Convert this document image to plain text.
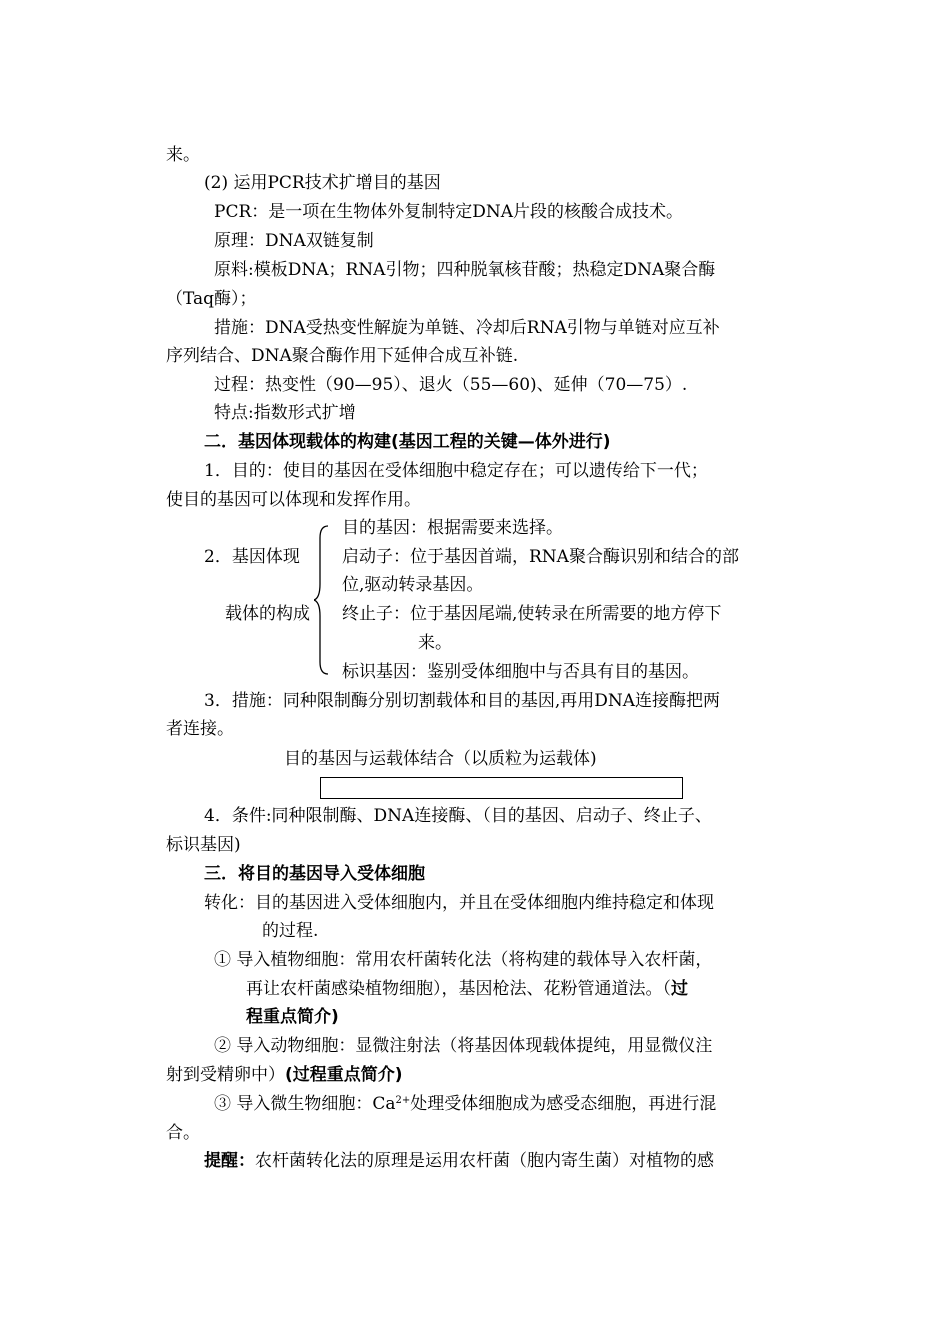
来。
(2) 运用PCR技术扩增目的基因
PCR：是一项在生物体外复制特定DNA片段的核酸合成技术。
原理：DNA双链复制
原料:模板DNA；RNA引物；四种脱氧核苷酸；热稳定DNA聚合酶
（Taq酶）；
措施：DNA受热变性解旋为单链、冷却后RNA引物与单链对应互补
序列结合、DNA聚合酶作用下延伸合成互补链.
过程：热变性（90—95）、退火（55—60)、延伸（70—75）.
特点:指数形式扩增
二．基因体现载体的构建(基因工程的关键—体外进行)
1．目的：使目的基因在受体细胞中稳定存在；可以遗传给下一代；
使目的基因可以体现和发挥作用。
目的基因：根据需要来选择。
2．基因体现 启动子：位于基因首端，RNA聚合酶识别和结合的部
位,驱动转录基因。
载体的构成 终止子：位于基因尾端,使转录在所需要的地方停下
来。
标识基因：鉴别受体细胞中与否具有目的基因。
3．措施：同种限制酶分别切割载体和目的基因,再用DNA连接酶把两
者连接。
目的基因与运载体结合（以质粒为运载体)
4．条件:同种限制酶、DNA连接酶、（目的基因、启动子、终止子、
标识基因)
三．将目的基因导入受体细胞
转化：目的基因进入受体细胞内，并且在受体细胞内维持稳定和体现
的过程.
① 导入植物细胞：常用农杆菌转化法（将构建的载体导入农杆菌，
再让农杆菌感染植物细胞），基因枪法、花粉管通道法。（过
程重点简介)
② 导入动物细胞：显微注射法（将基因体现载体提纯，用显微仪注
射到受精卵中）(过程重点简介)
③ 导入微生物细胞：$Ca^{2+}$处理受体细胞成为感受态细胞，再进行混
合。
提醒：农杆菌转化法的原理是运用农杆菌（胞内寄生菌）对植物的感
